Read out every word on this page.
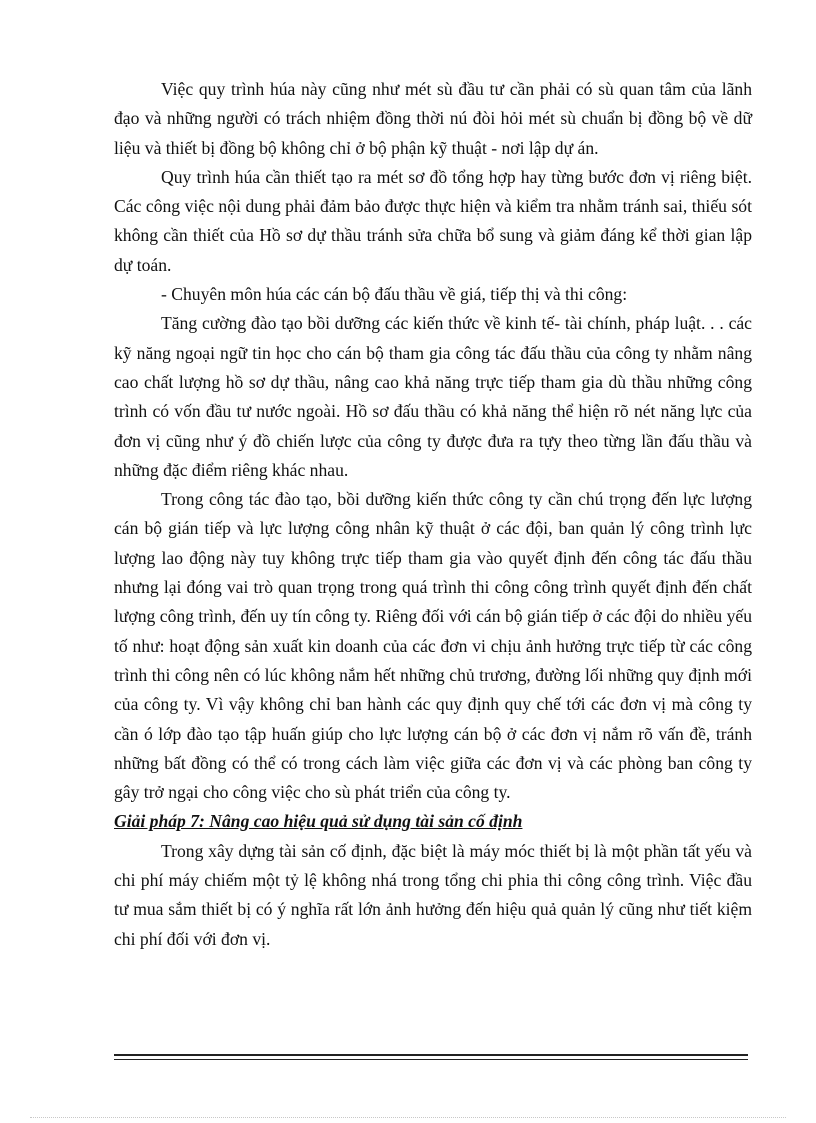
Việc quy trình húa này cũng như mét sù đầu tư cần phải có sù quan tâm của lãnh đạo và những người có trách nhiệm đồng thời nú đòi hỏi mét sù chuẩn bị đồng bộ về dữ liệu và thiết bị đồng bộ không chỉ ở bộ phận kỹ thuật - nơi lập dự án.

Quy trình húa cần thiết tạo ra mét sơ đồ tổng hợp hay từng bước đơn vị riêng biệt. Các công việc nội dung phải đảm bảo được thực hiện và kiểm tra nhằm tránh sai, thiếu sót không cần thiết của Hồ sơ dự thầu tránh sửa chữa bổ sung và giảm đáng kể thời gian lập dự toán.

- Chuyên môn húa các cán bộ đấu thầu về giá, tiếp thị và thi công:

Tăng cường đào tạo bồi dưỡng các kiến thức về kinh tế- tài chính, pháp luật. . . các kỹ năng ngoại ngữ tin học cho cán bộ tham gia công tác đấu thầu của công ty nhằm nâng cao chất lượng hồ sơ dự thầu, nâng cao khả năng trực tiếp tham gia dù thầu những công trình có vốn đầu tư nước ngoài. Hồ sơ đấu thầu có khả năng thể hiện rõ nét năng lực của đơn vị cũng như ý đồ chiến lược của công ty được đưa ra tựy theo từng lần đấu thầu và những đặc điểm riêng khác nhau.

Trong công tác đào tạo, bồi dưỡng kiến thức công ty cần chú trọng đến lực lượng cán bộ gián tiếp và lực lượng công nhân kỹ thuật ở các đội, ban quản lý công trình lực lượng lao động này tuy không trực tiếp tham gia vào quyết định đến công tác đấu thầu nhưng lại đóng vai trò quan trọng trong quá trình thi công công trình quyết định đến chất lượng công trình, đến uy tín công ty. Riêng đối với cán bộ gián tiếp ở các đội do nhiều yếu tố như: hoạt động sản xuất kin doanh của các đơn vi chịu ảnh hưởng trực tiếp từ các công trình thi công nên có lúc không nắm hết những chủ trương, đường lối những quy định mới của công ty. Vì vậy không chỉ ban hành các quy định quy chế tới các đơn vị mà công ty cần ó lớp đào tạo tập huấn giúp cho lực lượng cán bộ ở các đơn vị nắm rõ vấn đề, tránh những bất đồng có thể có trong cách làm việc giữa các đơn vị và các phòng ban công ty gây trở ngại cho công việc cho sù phát triển của công ty.

Giải pháp 7: Nâng cao hiệu quả sử dụng tài sản cố định

Trong xây dựng tài sản cố định, đặc biệt là máy móc thiết bị là một phần tất yếu và chi phí máy chiếm một tỷ lệ không nhá trong tổng chi phia thi công công trình. Việc đầu tư mua sắm thiết bị có ý nghĩa rất lớn ảnh hưởng đến hiệu quả quản lý cũng như tiết kiệm chi phí đối với đơn vị.
